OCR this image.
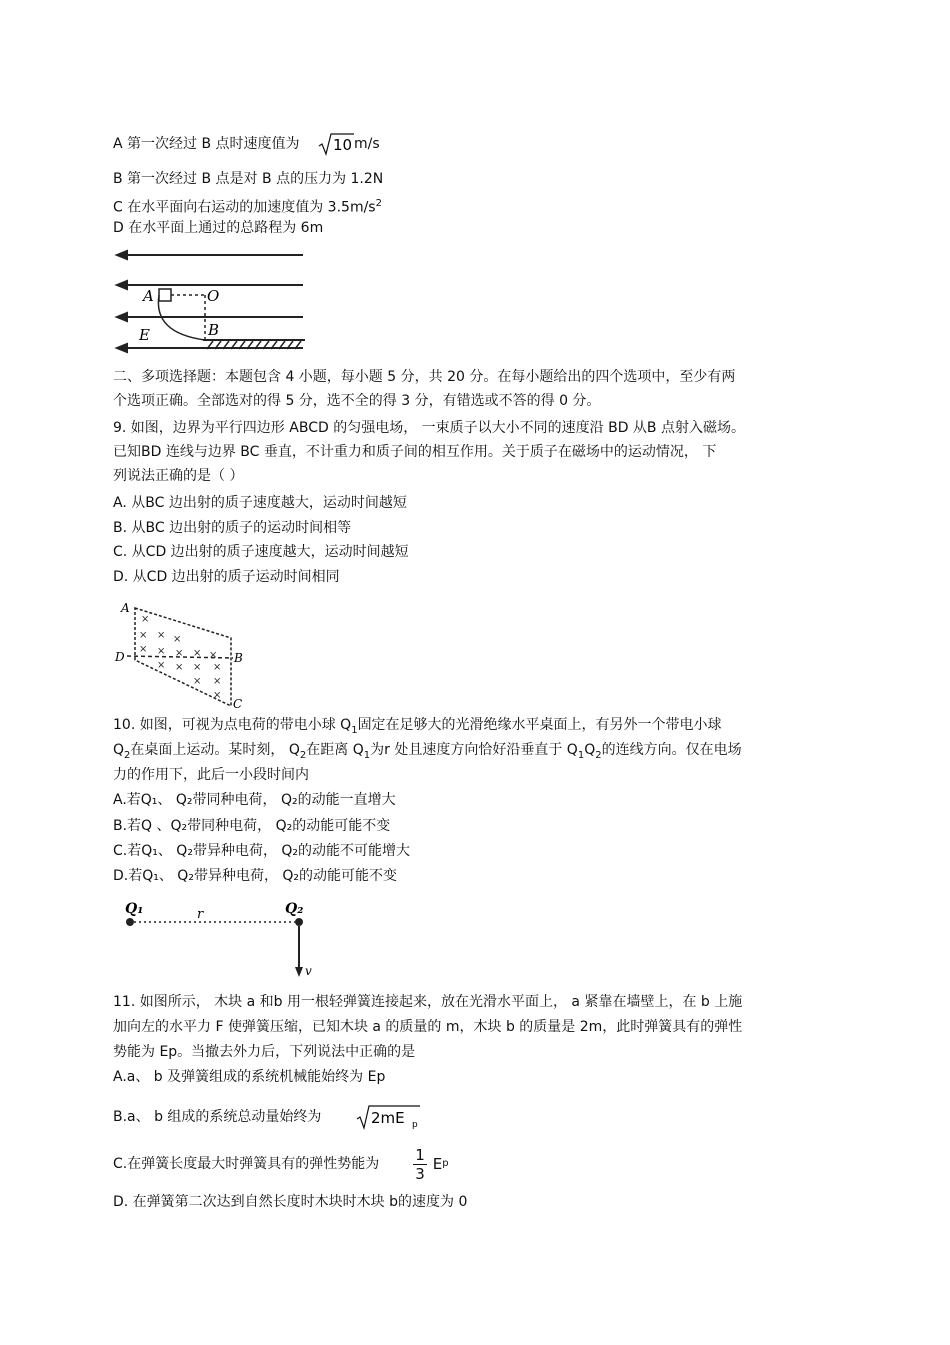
A 第一次经过 B 点时速度值为 10 m/s
B 第一次经过 B 点是对 B 点的压力为 1.2N
C 在水平面向右运动的加速度值为 $3.5m/s^2$
D 在水平面上通过的总路程为 6m
A	O
E	B
二、多项选择题：本题包含 4 小题，每小题 5 分，共 20 分。在每小题给出的四个选项中，至少有两
个选项正确。全部选对的得 5 分，选不全的得 3 分，有错选或不答的得 0 分。
9. 如图，边界为平行四边形 ABCD 的匀强电场， 一束质子以大小不同的速度沿 BD 从B 点射入磁场。
已知BD 连线与边界 BC 垂直，不计重力和质子间的相互作用。关于质子在磁场中的运动情况， 下
列说法正确的是（ ）
A. 从BC 边出射的质子速度越大，运动时间越短
B. 从BC 边出射的质子的运动时间相等
C. 从CD 边出射的质子速度越大，运动时间越短
D. 从CD 边出射的质子运动时间相同
×
× × ×
× × × × ×
× × × ×
× ×
×
A
D	B
C
10. 如图，可视为点电荷的带电小球 $Q_1$固定在足够大的光滑绝缘水平桌面上，有另外一个带电小球
$Q_2$在桌面上运动。某时刻， $Q_2$在距离 $Q_1$为r 处且速度方向恰好沿垂直于 $Q_1Q_2$的连线方向。仅在电场
力的作用下，此后一小段时间内
A.若Q₁、 Q₂带同种电荷， Q₂的动能一直增大
B.若Q 、Q₂带同种电荷， Q₂的动能可能不变
C.若Q₁、 Q₂带异种电荷， Q₂的动能不可能增大
D.若Q₁、 Q₂带异种电荷， Q₂的动能可能不变
Q₁	r	Q₂
v
11. 如图所示， 木块 a 和b 用一根轻弹簧连接起来，放在光滑水平面上， a 紧靠在墙壁上，在 b 上施
加向左的水平力 F 使弹簧压缩，已知木块 a 的质量的 m，木块 b 的质量是 2m，此时弹簧具有的弹性
势能为 Ep。当撤去外力后，下列说法中正确的是
A.a、 b 及弹簧组成的系统机械能始终为 Ep
B.a、 b 组成的系统总动量始终为	2mE p
C.在弹簧长度最大时弹簧具有的弹性势能为 $\frac{1}{3}$ E p
D. 在弹簧第二次达到自然长度时木块时木块 b的速度为 0
